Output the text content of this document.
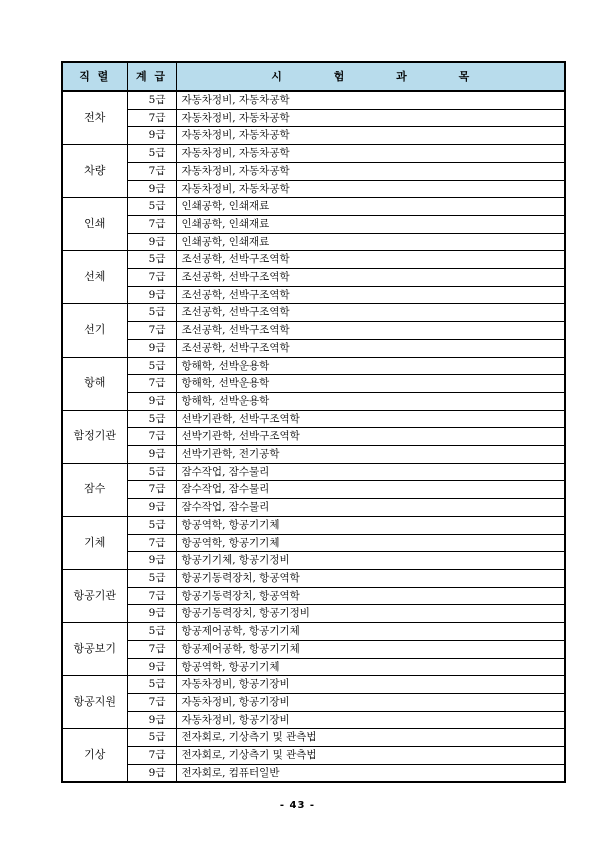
직 렬	계 급	시 험 과 목
전차	5급	자동차정비, 자동차공학
	7급	자동차정비, 자동차공학
	9급	자동차정비, 자동차공학
차량	5급	자동차정비, 자동차공학
	7급	자동차정비, 자동차공학
	9급	자동차정비, 자동차공학
인쇄	5급	인쇄공학, 인쇄재료
	7급	인쇄공학, 인쇄재료
	9급	인쇄공학, 인쇄재료
선체	5급	조선공학, 선박구조역학
	7급	조선공학, 선박구조역학
	9급	조선공학, 선박구조역학
선기	5급	조선공학, 선박구조역학
	7급	조선공학, 선박구조역학
	9급	조선공학, 선박구조역학
항해	5급	항해학, 선박운용학
	7급	항해학, 선박운용학
	9급	항해학, 선박운용학
함정기관	5급	선박기관학, 선박구조역학
	7급	선박기관학, 선박구조역학
	9급	선박기관학, 전기공학
잠수	5급	잠수작업, 잠수물리
	7급	잠수작업, 잠수물리
	9급	잠수작업, 잠수물리
기체	5급	항공역학, 항공기기체
	7급	항공역학, 항공기기체
	9급	항공기기체, 항공기정비
항공기관	5급	항공기동력장치, 항공역학
	7급	항공기동력장치, 항공역학
	9급	항공기동력장치, 항공기정비
항공보기	5급	항공제어공학, 항공기기체
	7급	항공제어공학, 항공기기체
	9급	항공역학, 항공기기체
항공지원	5급	자동차정비, 항공기장비
	7급	자동차정비, 항공기장비
	9급	자동차정비, 항공기장비
기상	5급	전자회로, 기상측기 및 관측법
	7급	전자회로, 기상측기 및 관측법
	9급	전자회로, 컴퓨터일반
- 43 -
